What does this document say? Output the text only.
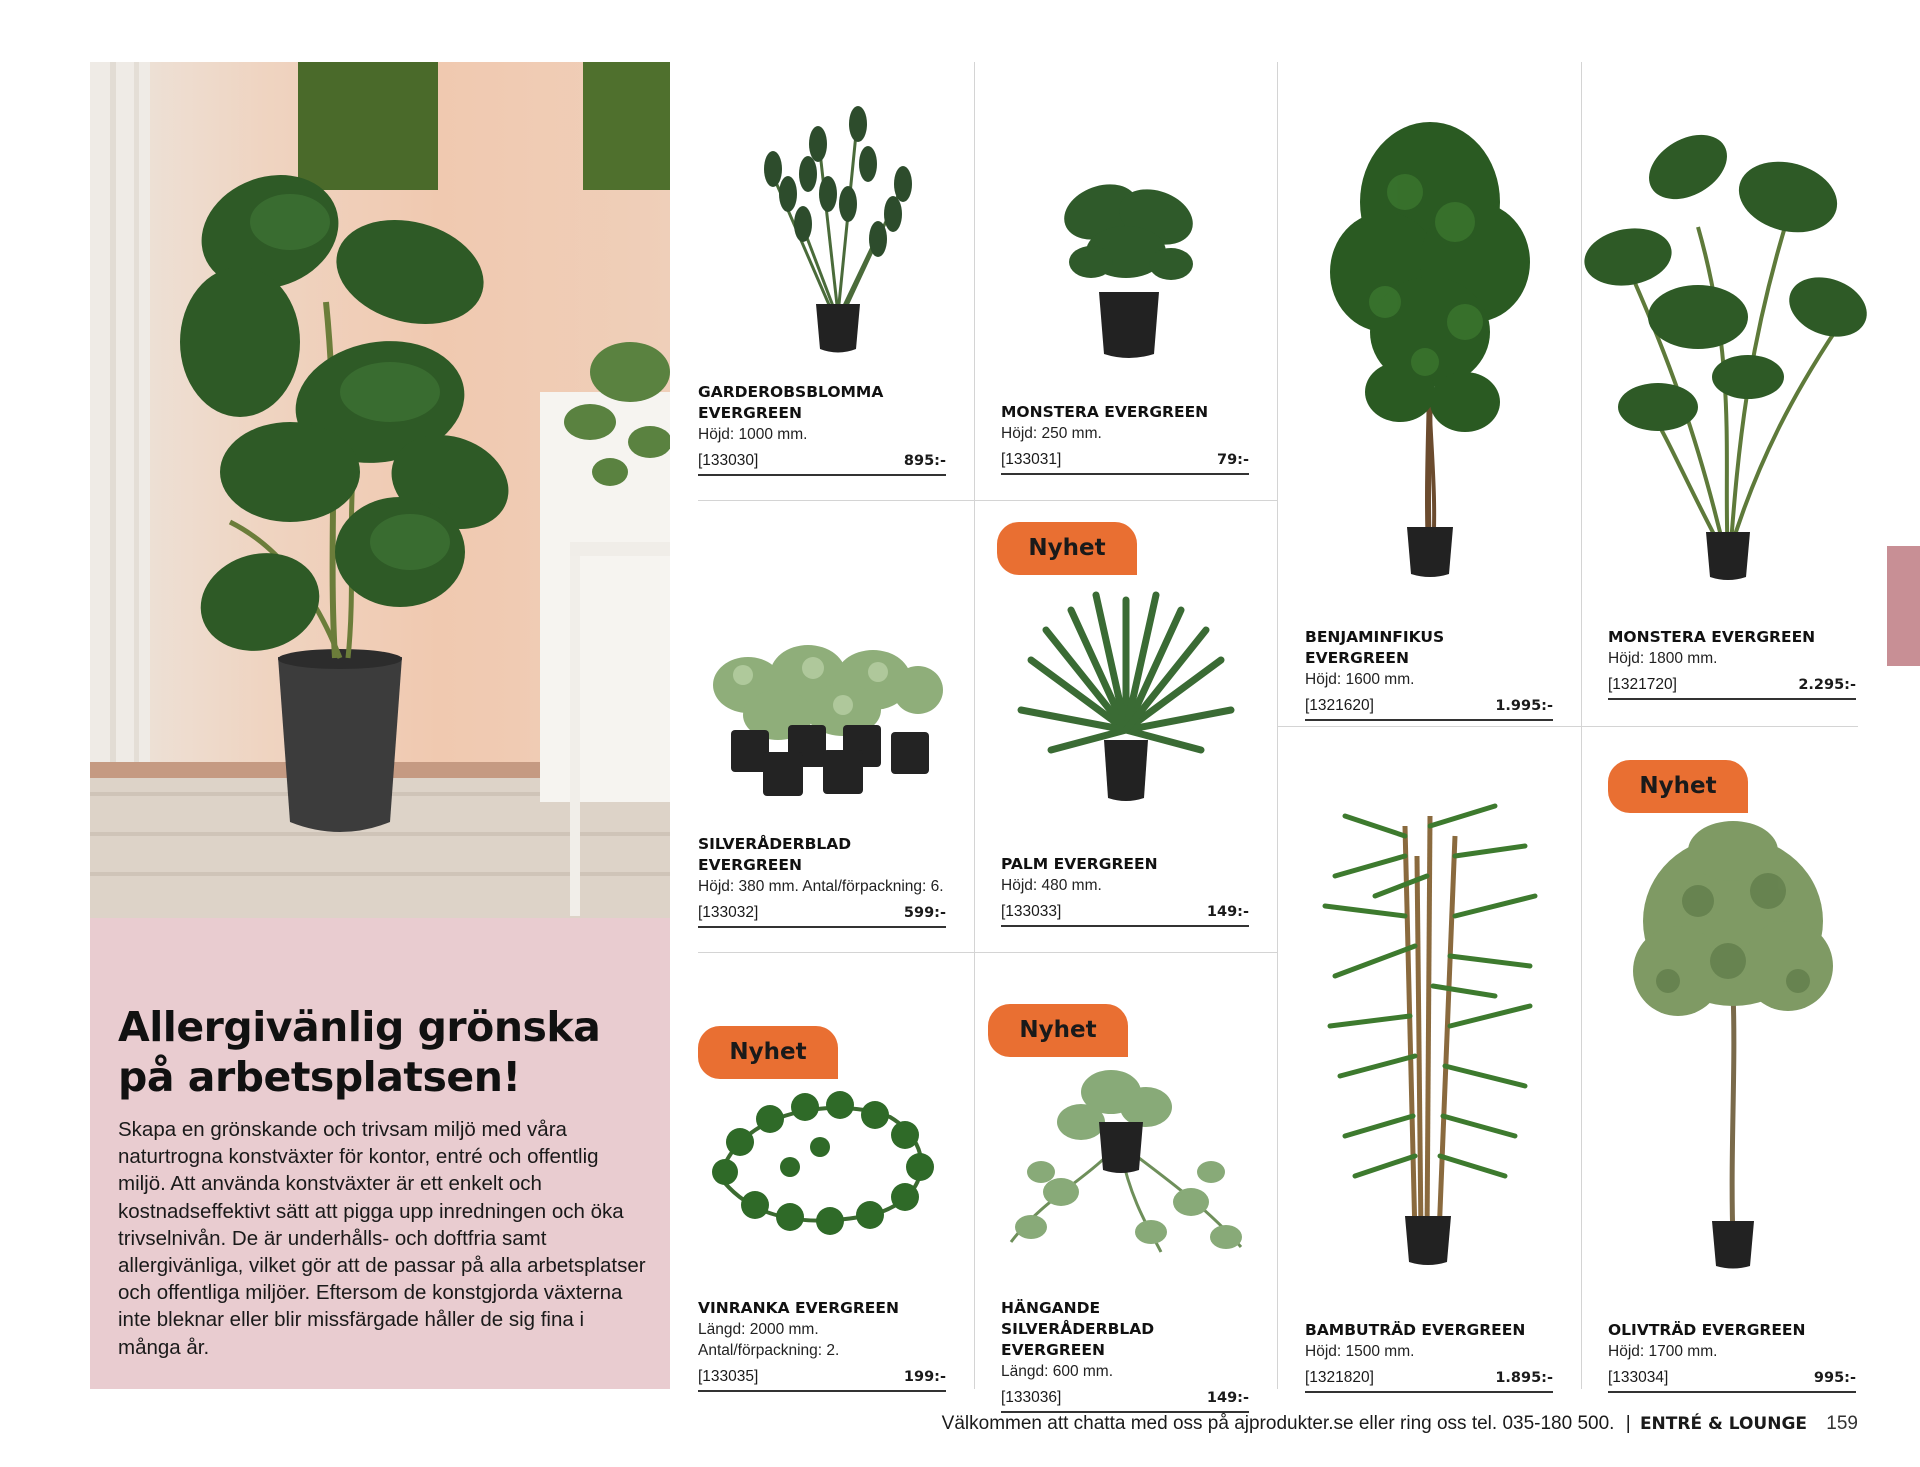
Allergivänlig grönska på arbetsplatsen!

Skapa en grönskande och trivsam miljö med våra naturtrogna konstväxter för kontor, entré och offentlig miljö. Att använda konstväxter är ett enkelt och kostnadseffektivt sätt att pigga upp inredningen och öka trivselnivån. De är underhålls- och doftfria samt allergivänliga, vilket gör att de passar på alla arbetsplatser och offentliga miljöer. Eftersom de konstgjorda växterna inte bleknar eller blir missfärgade håller de sig fina i många år.

GARDEROBSBLOMMA EVERGREEN
Höjd: 1000 mm.
[133030]	895:-
MONSTERA EVERGREEN
Höjd: 250 mm.
[133031]	79:-
BENJAMINFIKUS EVERGREEN
Höjd: 1600 mm.
[1321620]	1.995:-
MONSTERA EVERGREEN
Höjd: 1800 mm.
[1321720]	2.295:-
SILVERÅDERBLAD EVERGREEN
Höjd: 380 mm. Antal/förpackning: 6.
[133032]	599:-
Nyhet
PALM EVERGREEN
Höjd: 480 mm.
[133033]	149:-
Nyhet
VINRANKA EVERGREEN
Längd: 2000 mm. Antal/förpackning: 2.
[133035]	199:-
Nyhet
HÄNGANDE SILVERÅDERBLAD EVERGREEN
Längd: 600 mm.
[133036]	149:-
BAMBUTRÄD EVERGREEN
Höjd: 1500 mm.
[1321820]	1.895:-
Nyhet
OLIVTRÄD EVERGREEN
Höjd: 1700 mm.
[133034]	995:-
Välkommen att chatta med oss på ajprodukter.se eller ring oss tel. 035-180 500. | ENTRÉ & LOUNGE 159
